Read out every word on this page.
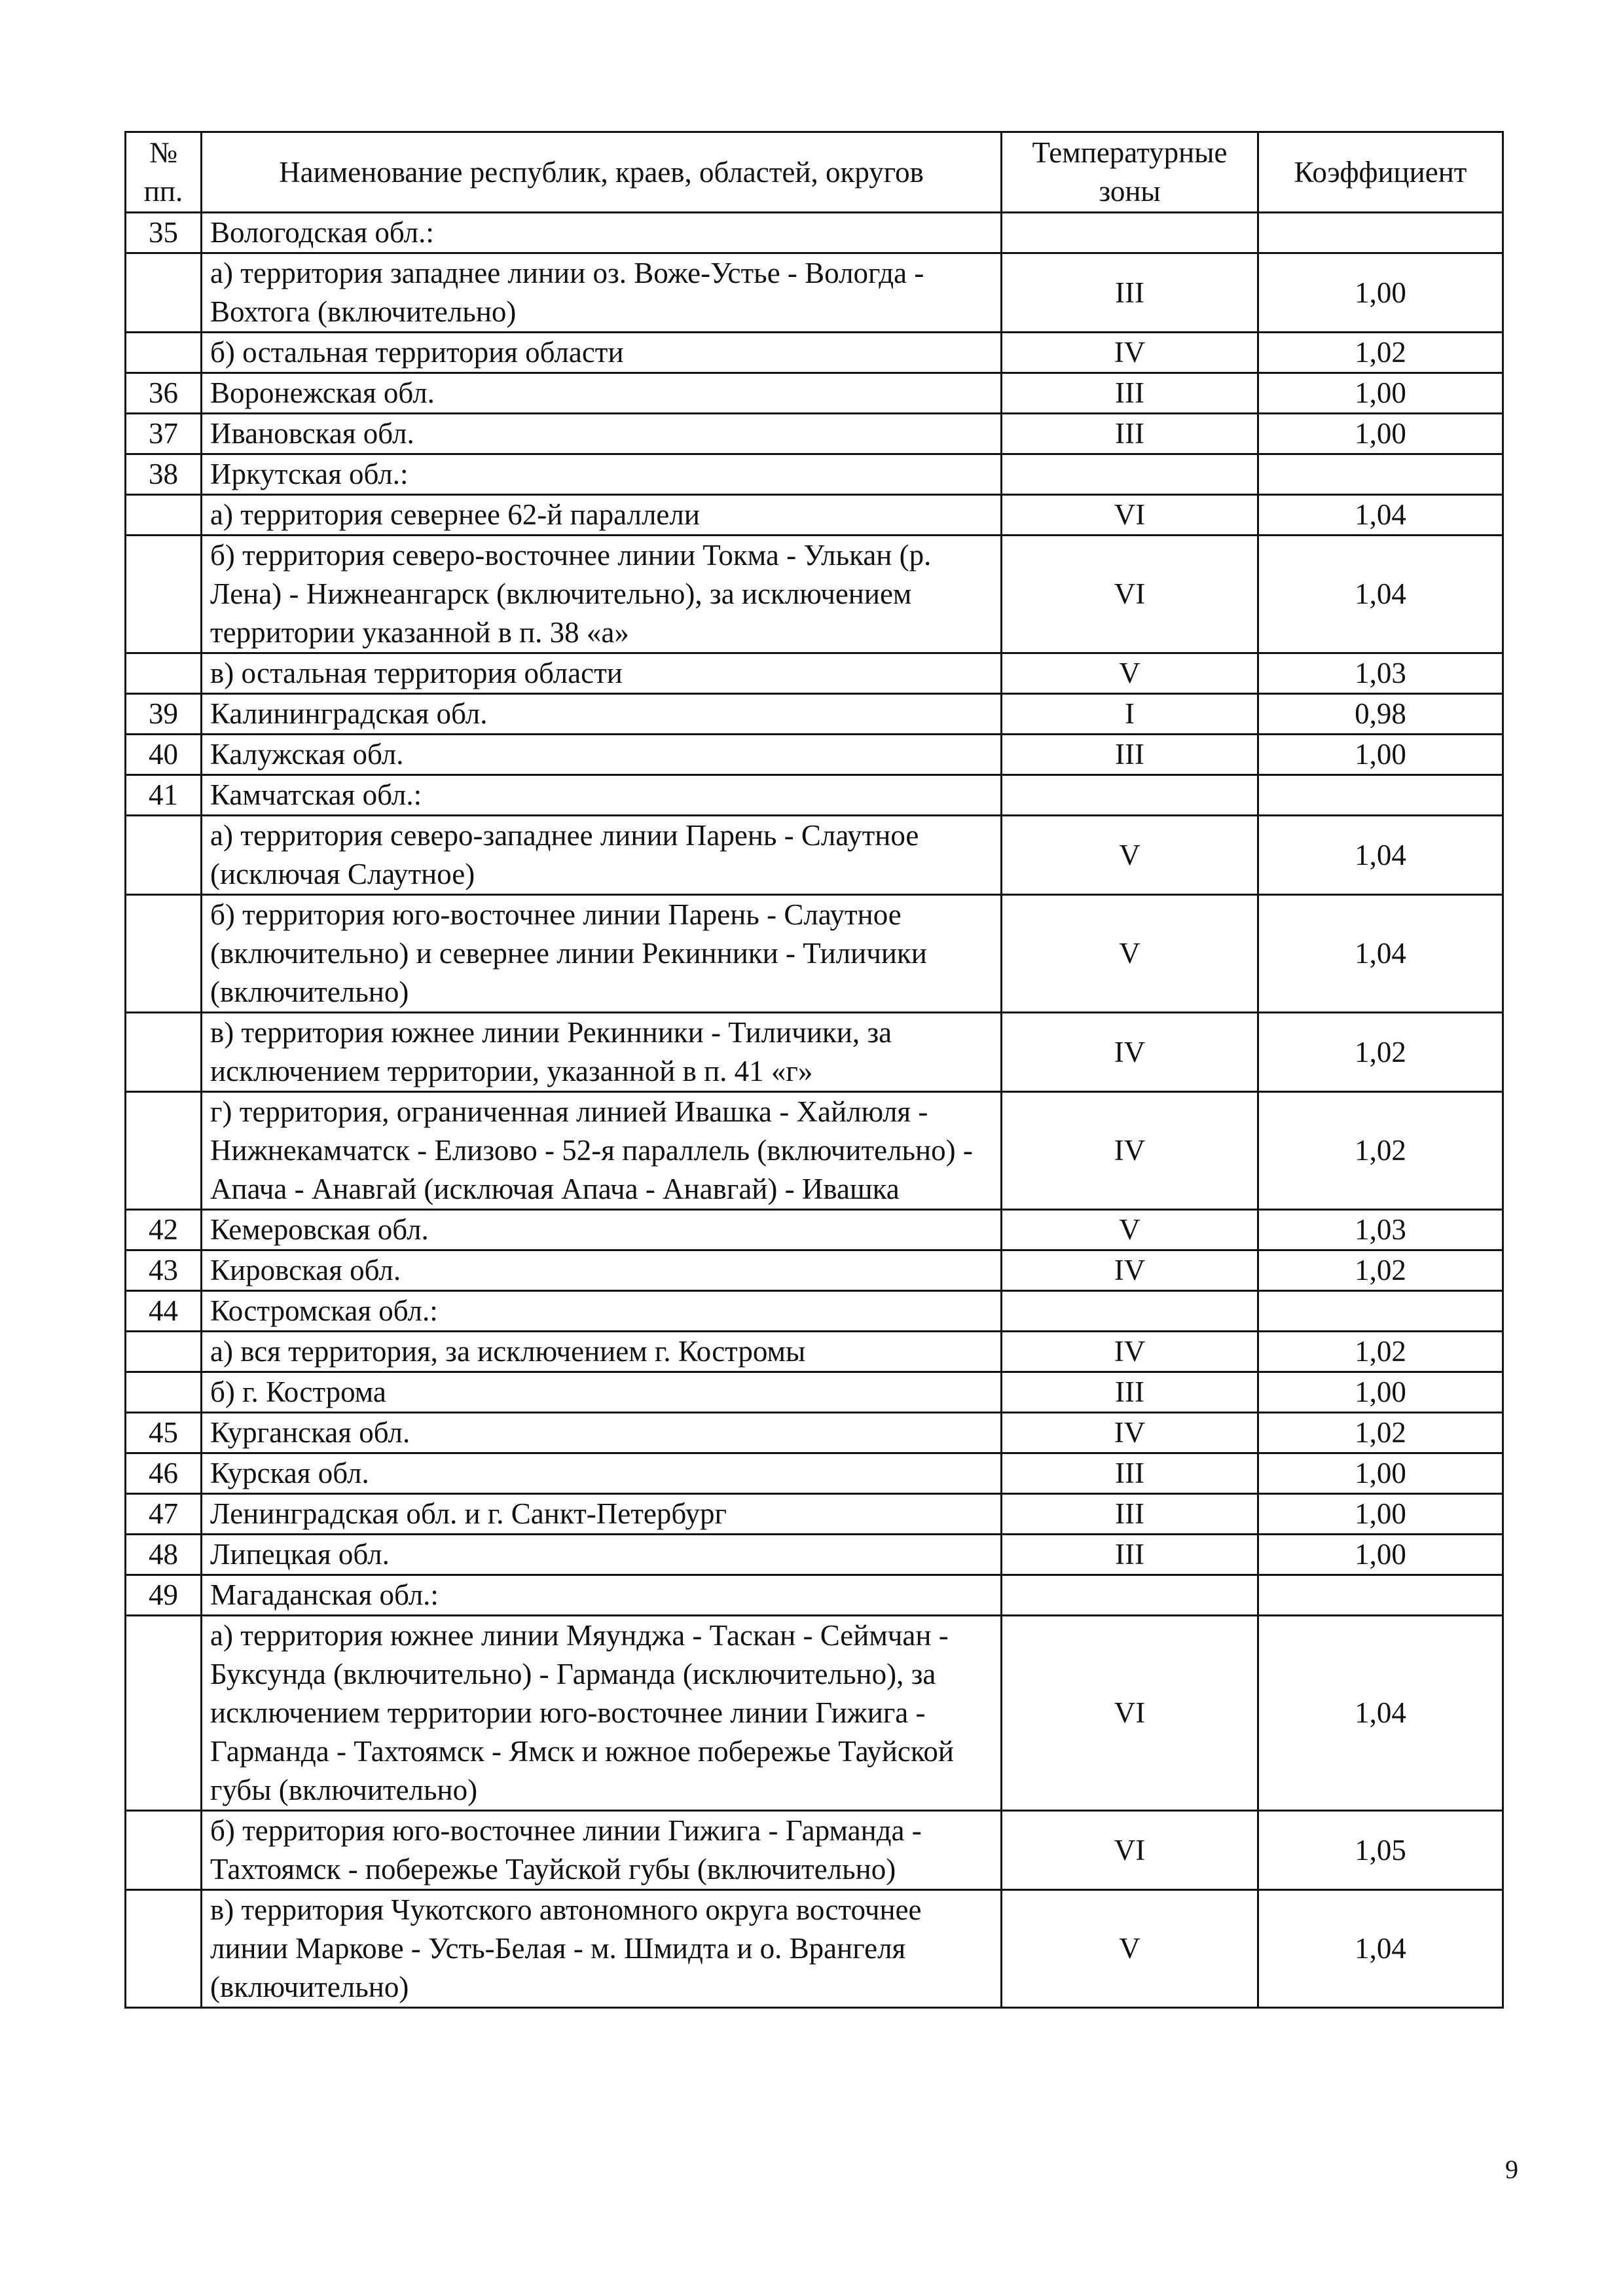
№ пп.	Наименование республик, краев, областей, округов	Температурные зоны	Коэффициент
35	Вологодская обл.:		
	а) территория западнее линии оз. Воже-Устье - Вологда - Вохтога (включительно)	III	1,00
	б) остальная территория области	IV	1,02
36	Воронежская обл.	III	1,00
37	Ивановская обл.	III	1,00
38	Иркутская обл.:		
	а) территория севернее 62-й параллели	VI	1,04
	б) территория северо-восточнее линии Токма - Улькан (р. Лена) - Нижнеангарск (включительно), за исключением территории указанной в п. 38 «а»	VI	1,04
	в) остальная территория области	V	1,03
39	Калининградская обл.	I	0,98
40	Калужская обл.	III	1,00
41	Камчатская обл.:		
	а) территория северо-западнее линии Парень - Слаутное (исключая Слаутное)	V	1,04
	б) территория юго-восточнее линии Парень - Слаутное (включительно) и севернее линии Рекинники - Тиличики (включительно)	V	1,04
	в) территория южнее линии Рекинники - Тиличики, за исключением территории, указанной в п. 41 «г»	IV	1,02
	г) территория, ограниченная линией Ивашка - Хайлюля - Нижнекамчатск - Елизово - 52-я параллель (включительно) - Апача - Анавгай (исключая Апача - Анавгай) - Ивашка	IV	1,02
42	Кемеровская обл.	V	1,03
43	Кировская обл.	IV	1,02
44	Костромская обл.:		
	а) вся территория, за исключением г. Костромы	IV	1,02
	б) г. Кострома	III	1,00
45	Курганская обл.	IV	1,02
46	Курская обл.	III	1,00
47	Ленинградская обл. и г. Санкт-Петербург	III	1,00
48	Липецкая обл.	III	1,00
49	Магаданская обл.:		
	а) территория южнее линии Мяунджа - Таскан - Сеймчан - Буксунда (включительно) - Гарманда (исключительно), за исключением территории юго-восточнее линии Гижига - Гарманда - Тахтоямск - Ямск и южное побережье Тауйской губы (включительно)	VI	1,04
	б) территория юго-восточнее линии Гижига - Гарманда - Тахтоямск - побережье Тауйской губы (включительно)	VI	1,05
	в) территория Чукотского автономного округа восточнее линии Маркове - Усть-Белая - м. Шмидта и о. Врангеля (включительно)	V	1,04
9
